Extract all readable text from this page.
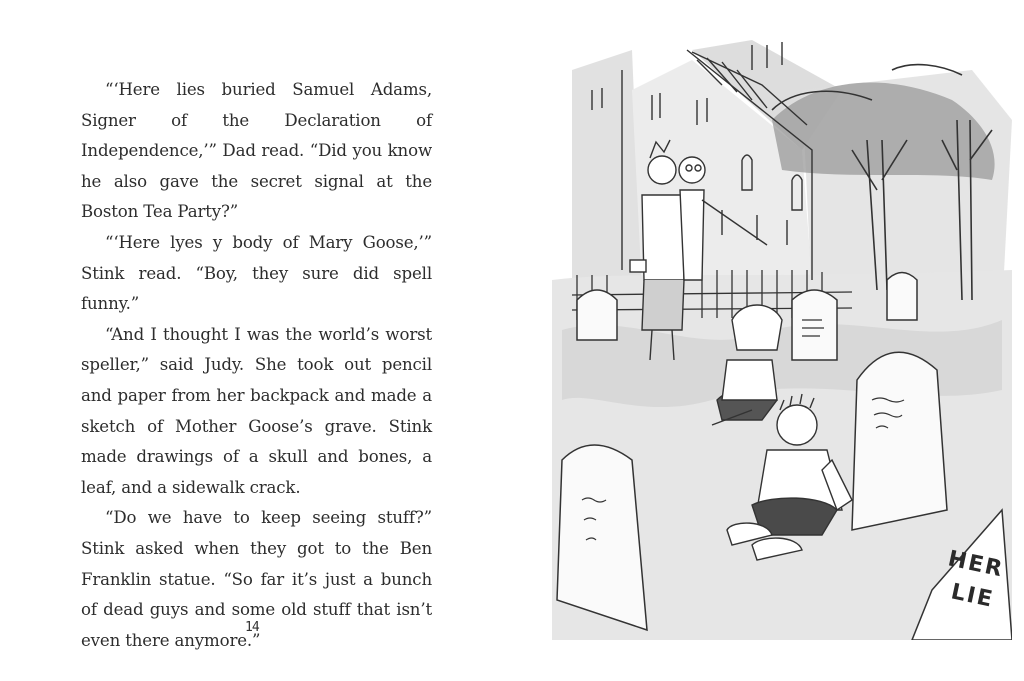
“‘Here lies buried Samuel Adams, Signer of the Declaration of Independence,’” Dad read. “Did you know he also gave the secret signal at the Boston Tea Party?”

“‘Here lyes y body of Mary Goose,’” Stink read. “Boy, they sure did spell funny.”

“And I thought I was the world’s worst speller,” said Judy. She took out pencil and paper from her backpack and made a sketch of Mother Goose’s grave. Stink made drawings of a skull and bones, a leaf, and a sidewalk crack.

“Do we have to keep seeing stuff?” Stink asked when they got to the Ben Franklin statue. “So far it’s just a bunch of dead guys and some old stuff that isn’t even there anymore.”

14
HER
LIE
